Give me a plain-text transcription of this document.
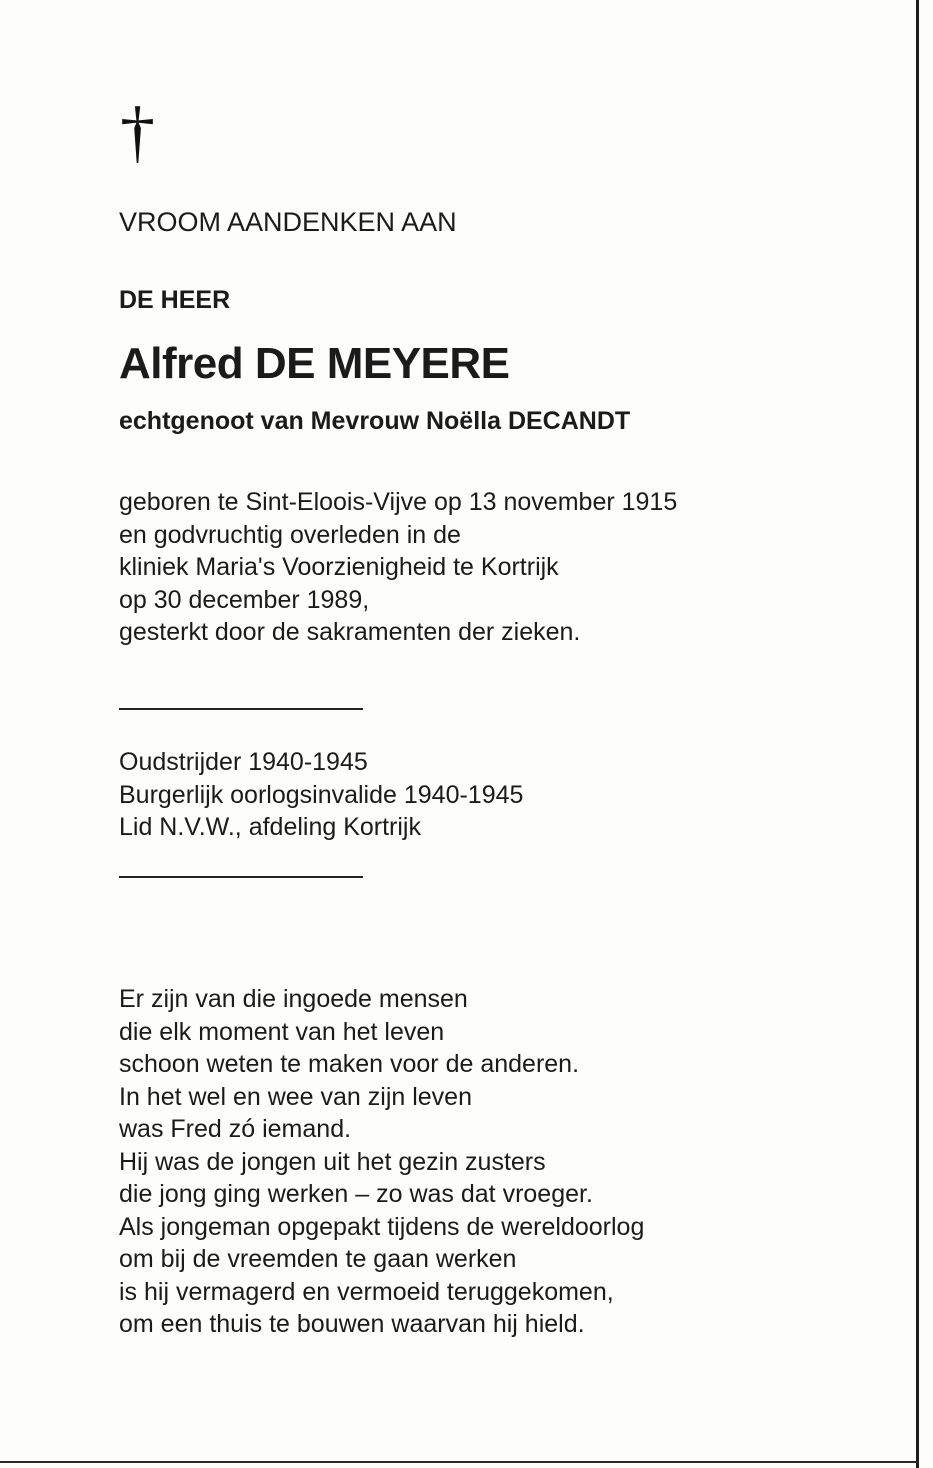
†
VROOM AANDENKEN AAN
DE HEER
Alfred DE MEYERE
echtgenoot van Mevrouw Noëlla DECANDT
geboren te Sint-Eloois-Vijve op 13 november 1915
en godvruchtig overleden in de
kliniek Maria's Voorzienigheid te Kortrijk
op 30 december 1989,
gesterkt door de sakramenten der zieken.
Oudstrijder 1940-1945
Burgerlijk oorlogsinvalide 1940-1945
Lid N.V.W., afdeling Kortrijk
Er zijn van die ingoede mensen
die elk moment van het leven
schoon weten te maken voor de anderen.
In het wel en wee van zijn leven
was Fred zó iemand.
Hij was de jongen uit het gezin zusters
die jong ging werken – zo was dat vroeger.
Als jongeman opgepakt tijdens de wereldoorlog
om bij de vreemden te gaan werken
is hij vermagerd en vermoeid teruggekomen,
om een thuis te bouwen waarvan hij hield.
